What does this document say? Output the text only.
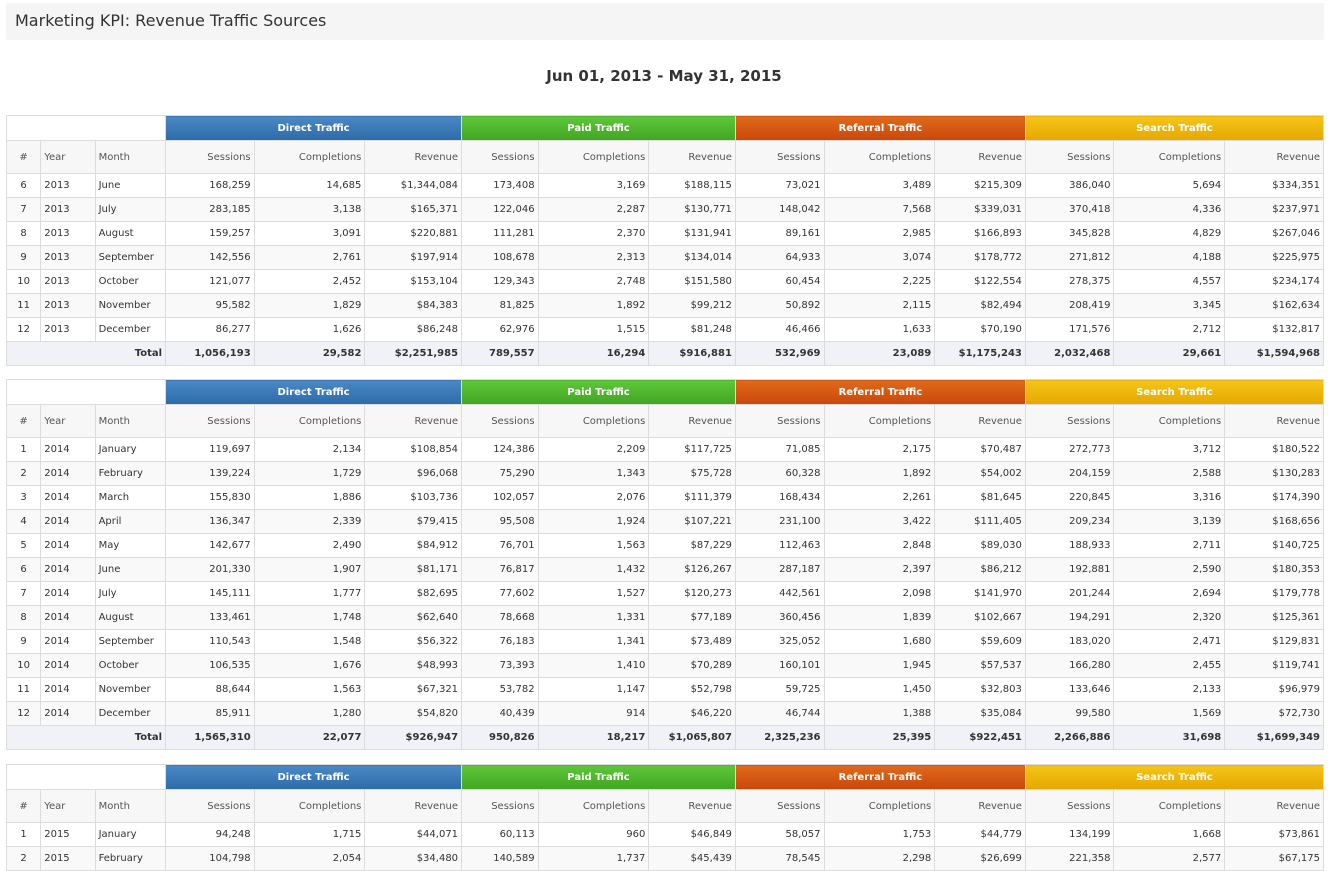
Marketing KPI: Revenue Traffic Sources
Jun 01, 2013 - May 31, 2015
			Direct Traffic			Paid Traffic			Referral Traffic			Search Traffic		
#	Year	Month	Sessions	Completions	Revenue	Sessions	Completions	Revenue	Sessions	Completions	Revenue	Sessions	Completions	Revenue
6	2013	June	168,259	14,685	$1,344,084	173,408	3,169	$188,115	73,021	3,489	$215,309	386,040	5,694	$334,351
7	2013	July	283,185	3,138	$165,371	122,046	2,287	$130,771	148,042	7,568	$339,031	370,418	4,336	$237,971
8	2013	August	159,257	3,091	$220,881	111,281	2,370	$131,941	89,161	2,985	$166,893	345,828	4,829	$267,046
9	2013	September	142,556	2,761	$197,914	108,678	2,313	$134,014	64,933	3,074	$178,772	271,812	4,188	$225,975
10	2013	October	121,077	2,452	$153,104	129,343	2,748	$151,580	60,454	2,225	$122,554	278,375	4,557	$234,174
11	2013	November	95,582	1,829	$84,383	81,825	1,892	$99,212	50,892	2,115	$82,494	208,419	3,345	$162,634
12	2013	December	86,277	1,626	$86,248	62,976	1,515	$81,248	46,466	1,633	$70,190	171,576	2,712	$132,817
Total			1,056,193	29,582	$2,251,985	789,557	16,294	$916,881	532,969	23,089	$1,175,243	2,032,468	29,661	$1,594,968
			Direct Traffic			Paid Traffic			Referral Traffic			Search Traffic		
#	Year	Month	Sessions	Completions	Revenue	Sessions	Completions	Revenue	Sessions	Completions	Revenue	Sessions	Completions	Revenue
1	2014	January	119,697	2,134	$108,854	124,386	2,209	$117,725	71,085	2,175	$70,487	272,773	3,712	$180,522
2	2014	February	139,224	1,729	$96,068	75,290	1,343	$75,728	60,328	1,892	$54,002	204,159	2,588	$130,283
3	2014	March	155,830	1,886	$103,736	102,057	2,076	$111,379	168,434	2,261	$81,645	220,845	3,316	$174,390
4	2014	April	136,347	2,339	$79,415	95,508	1,924	$107,221	231,100	3,422	$111,405	209,234	3,139	$168,656
5	2014	May	142,677	2,490	$84,912	76,701	1,563	$87,229	112,463	2,848	$89,030	188,933	2,711	$140,725
6	2014	June	201,330	1,907	$81,171	76,817	1,432	$126,267	287,187	2,397	$86,212	192,881	2,590	$180,353
7	2014	July	145,111	1,777	$82,695	77,602	1,527	$120,273	442,561	2,098	$141,970	201,244	2,694	$179,778
8	2014	August	133,461	1,748	$62,640	78,668	1,331	$77,189	360,456	1,839	$102,667	194,291	2,320	$125,361
9	2014	September	110,543	1,548	$56,322	76,183	1,341	$73,489	325,052	1,680	$59,609	183,020	2,471	$129,831
10	2014	October	106,535	1,676	$48,993	73,393	1,410	$70,289	160,101	1,945	$57,537	166,280	2,455	$119,741
11	2014	November	88,644	1,563	$67,321	53,782	1,147	$52,798	59,725	1,450	$32,803	133,646	2,133	$96,979
12	2014	December	85,911	1,280	$54,820	40,439	914	$46,220	46,744	1,388	$35,084	99,580	1,569	$72,730
Total			1,565,310	22,077	$926,947	950,826	18,217	$1,065,807	2,325,236	25,395	$922,451	2,266,886	31,698	$1,699,349
			Direct Traffic			Paid Traffic			Referral Traffic			Search Traffic		
#	Year	Month	Sessions	Completions	Revenue	Sessions	Completions	Revenue	Sessions	Completions	Revenue	Sessions	Completions	Revenue
1	2015	January	94,248	1,715	$44,071	60,113	960	$46,849	58,057	1,753	$44,779	134,199	1,668	$73,861
2	2015	February	104,798	2,054	$34,480	140,589	1,737	$45,439	78,545	2,298	$26,699	221,358	2,577	$67,175
